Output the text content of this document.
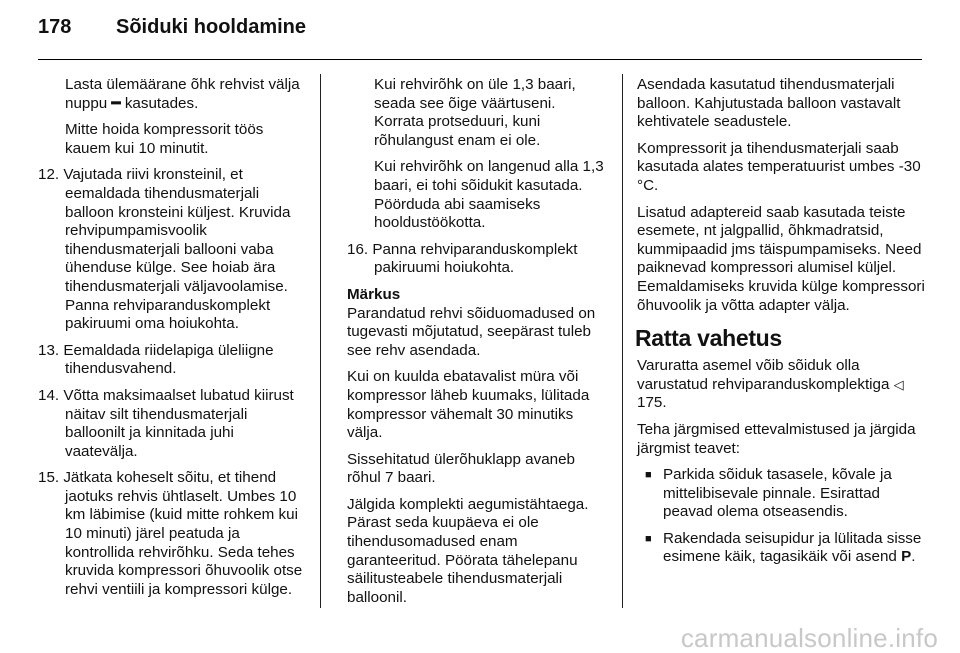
178 Sõiduki hooldamine

Lasta ülemäärane õhk rehvist välja nuppu ━ kasutades.

Mitte hoida kompressorit töös kauem kui 10 minutit.

12. Vajutada riivi kronsteinil, et eemaldada tihendusmaterjali balloon kronsteini küljest. Kruvida rehvipumpamisvoolik tihendusmaterjali ballooni vaba ühenduse külge. See hoiab ära tihendusmaterjali väljavoolamise. Panna rehviparanduskomplekt pakiruumi oma hoiukohta.

13. Eemaldada riidelapiga üleliigne tihendusvahend.

14. Võtta maksimaalset lubatud kiirust näitav silt tihendusmaterjali balloonilt ja kinnitada juhi vaatevälja.

15. Jätkata koheselt sõitu, et tihend jaotuks rehvis ühtlaselt. Umbes 10 km läbimise (kuid mitte rohkem kui 10 minuti) järel peatuda ja kontrollida rehvirõhku. Seda tehes kruvida kompressori õhuvoolik otse rehvi ventiili ja kompressori külge.

Kui rehvirõhk on üle 1,3 baari, seada see õige väärtuseni. Korrata protseduuri, kuni rõhulangust enam ei ole.

Kui rehvirõhk on langenud alla 1,3 baari, ei tohi sõidukit kasutada. Pöörduda abi saamiseks hooldustöökotta.

16. Panna rehviparanduskomplekt pakiruumi hoiukohta.

Märkus

Parandatud rehvi sõiduomadused on tugevasti mõjutatud, seepärast tuleb see rehv asendada.

Kui on kuulda ebatavalist müra või kompressor läheb kuumaks, lülitada kompressor vähemalt 30 minutiks välja.

Sissehitatud ülerõhuklapp avaneb rõhul 7 baari.

Jälgida komplekti aegumistähtaega. Pärast seda kuupäeva ei ole tihendusomadused enam garanteeritud. Pöörata tähelepanu säilitusteabele tihendusmaterjali balloonil.

Asendada kasutatud tihendusmaterjali balloon. Kahjutustada balloon vastavalt kehtivatele seadustele.

Kompressorit ja tihendusmaterjali saab kasutada alates temperatuurist umbes -30 °C.

Lisatud adaptereid saab kasutada teiste esemete, nt jalgpallid, õhkmadratsid, kummipaadid jms täispumpamiseks. Need paiknevad kompressori alumisel küljel. Eemaldamiseks kruvida külge kompressori õhuvoolik ja võtta adapter välja.

Ratta vahetus

Varuratta asemel võib sõiduk olla varustatud rehviparanduskomplektiga ◁ 175.

Teha järgmised ettevalmistused ja järgida järgmist teavet:

■ Parkida sõiduk tasasele, kõvale ja mittelibisevale pinnale. Esirattad peavad olema otseasendis.

■ Rakendada seisupidur ja lülitada sisse esimene käik, tagasikäik või asend P.

carmanualsonline.info
